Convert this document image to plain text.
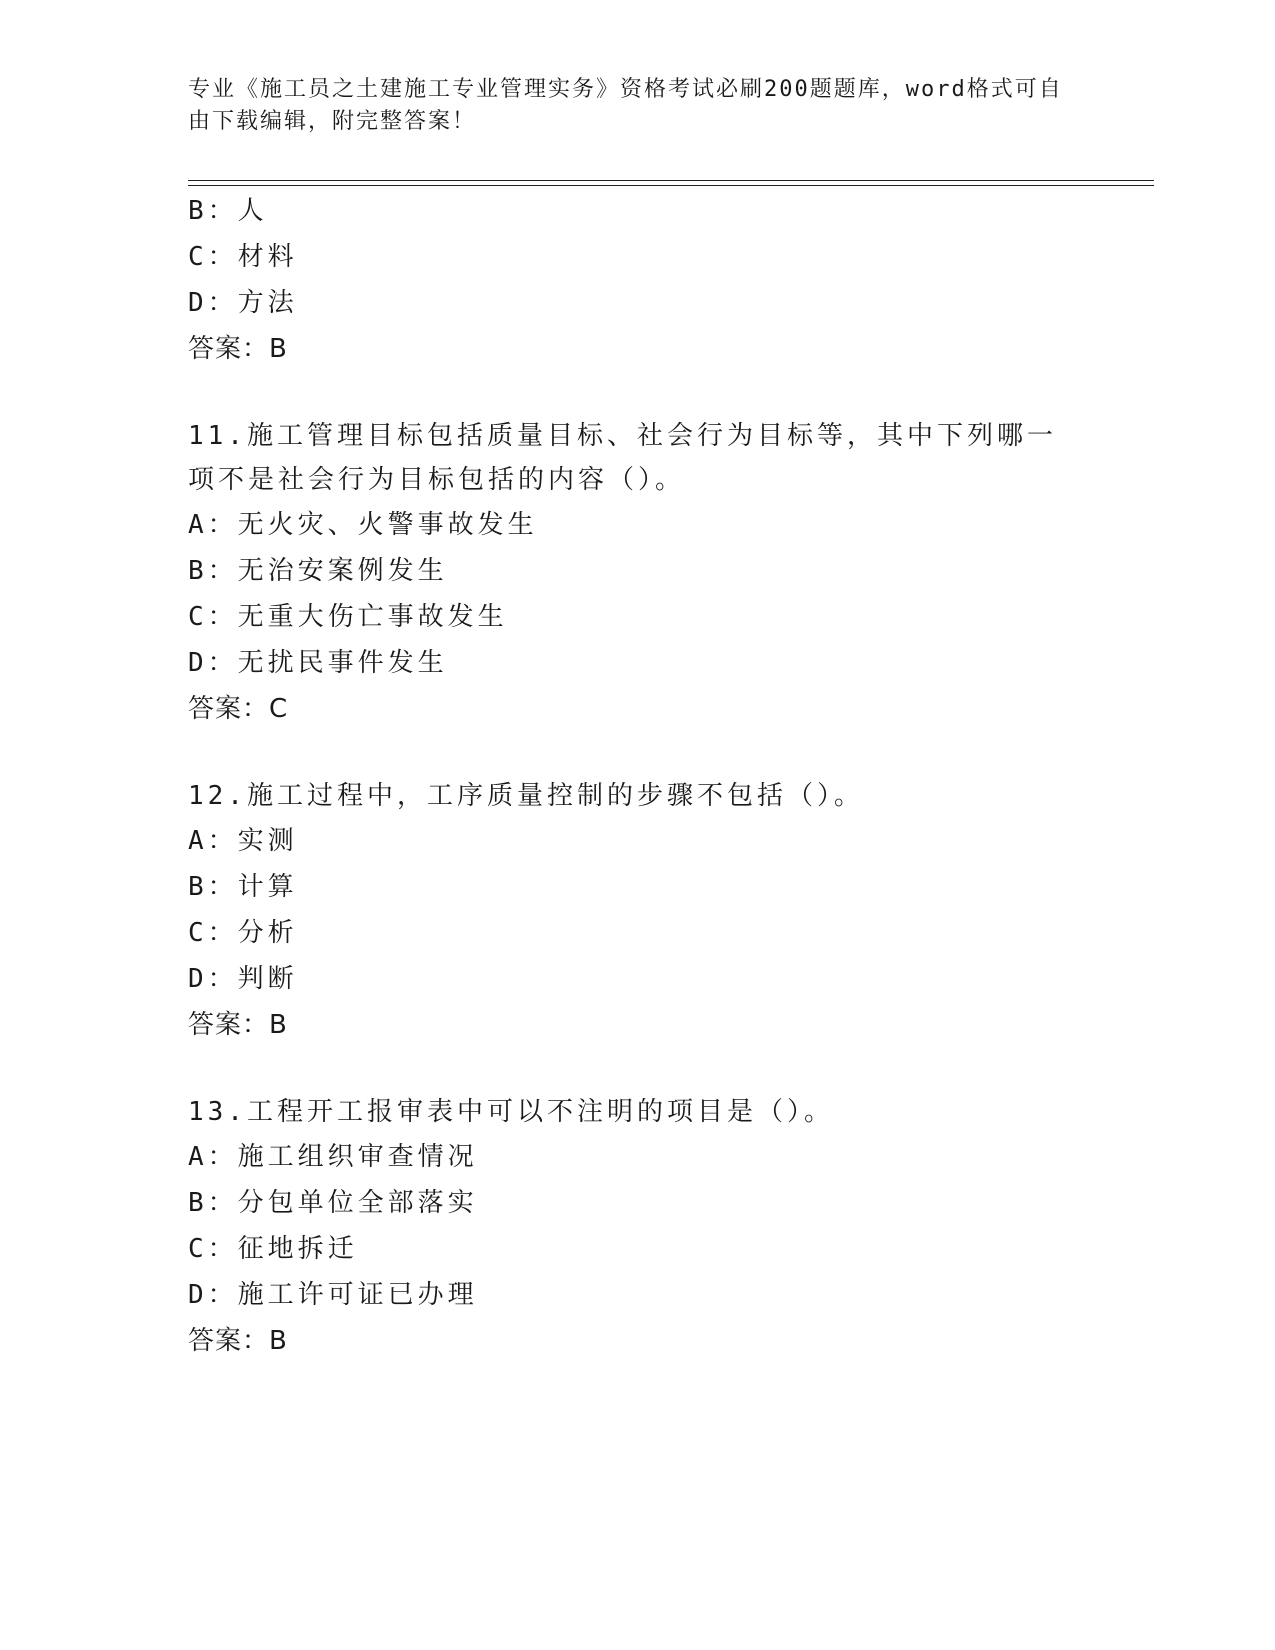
专业《施工员之土建施工专业管理实务》资格考试必刷200题题库，word格式可自由下载编辑，附完整答案！
B：人
C：材料
D：方法
答案：B
11.施工管理目标包括质量目标、社会行为目标等，其中下列哪一项不是社会行为目标包括的内容（）。
A：无火灾、火警事故发生
B：无治安案例发生
C：无重大伤亡事故发生
D：无扰民事件发生
答案：C
12.施工过程中，工序质量控制的步骤不包括（）。
A：实测
B：计算
C：分析
D：判断
答案：B
13.工程开工报审表中可以不注明的项目是（）。
A：施工组织审查情况
B：分包单位全部落实
C：征地拆迁
D：施工许可证已办理
答案：B
